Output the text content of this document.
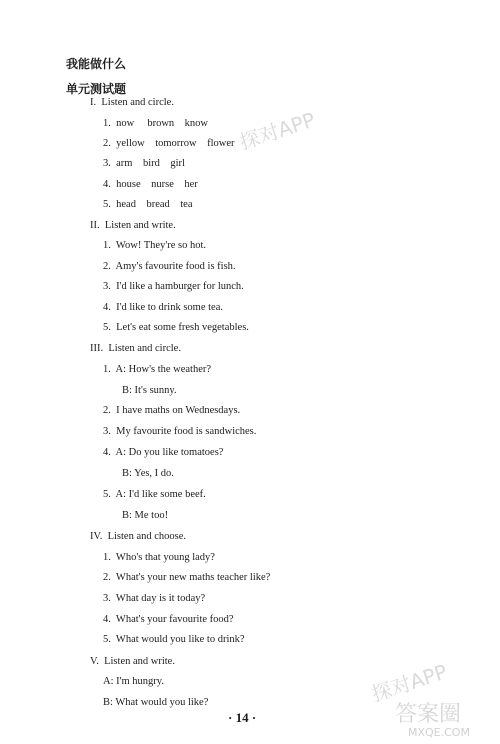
我能做什么
单元测试题
I.  Listen and circle.
1.  now     brown    know
2.  yellow    tomorrow    flower
3.  arm    bird    girl
4.  house    nurse    her
5.  head    bread    tea
II.  Listen and write.
1.  Wow! They're so hot.
2.  Amy's favourite food is fish.
3.  I'd like a hamburger for lunch.
4.  I'd like to drink some tea.
5.  Let's eat some fresh vegetables.
III.  Listen and circle.
1.  A: How's the weather?
B: It's sunny.
2.  I have maths on Wednesdays.
3.  My favourite food is sandwiches.
4.  A: Do you like tomatoes?
B: Yes, I do.
5.  A: I'd like some beef.
B: Me too!
IV.  Listen and choose.
1.  Who's that young lady?
2.  What's your new maths teacher like?
3.  What day is it today?
4.  What's your favourite food?
5.  What would you like to drink?
V.  Listen and write.
A: I'm hungry.
B: What would you like?
· 14 ·
探对APP
探对APP
答案圈
MXQE.COM
